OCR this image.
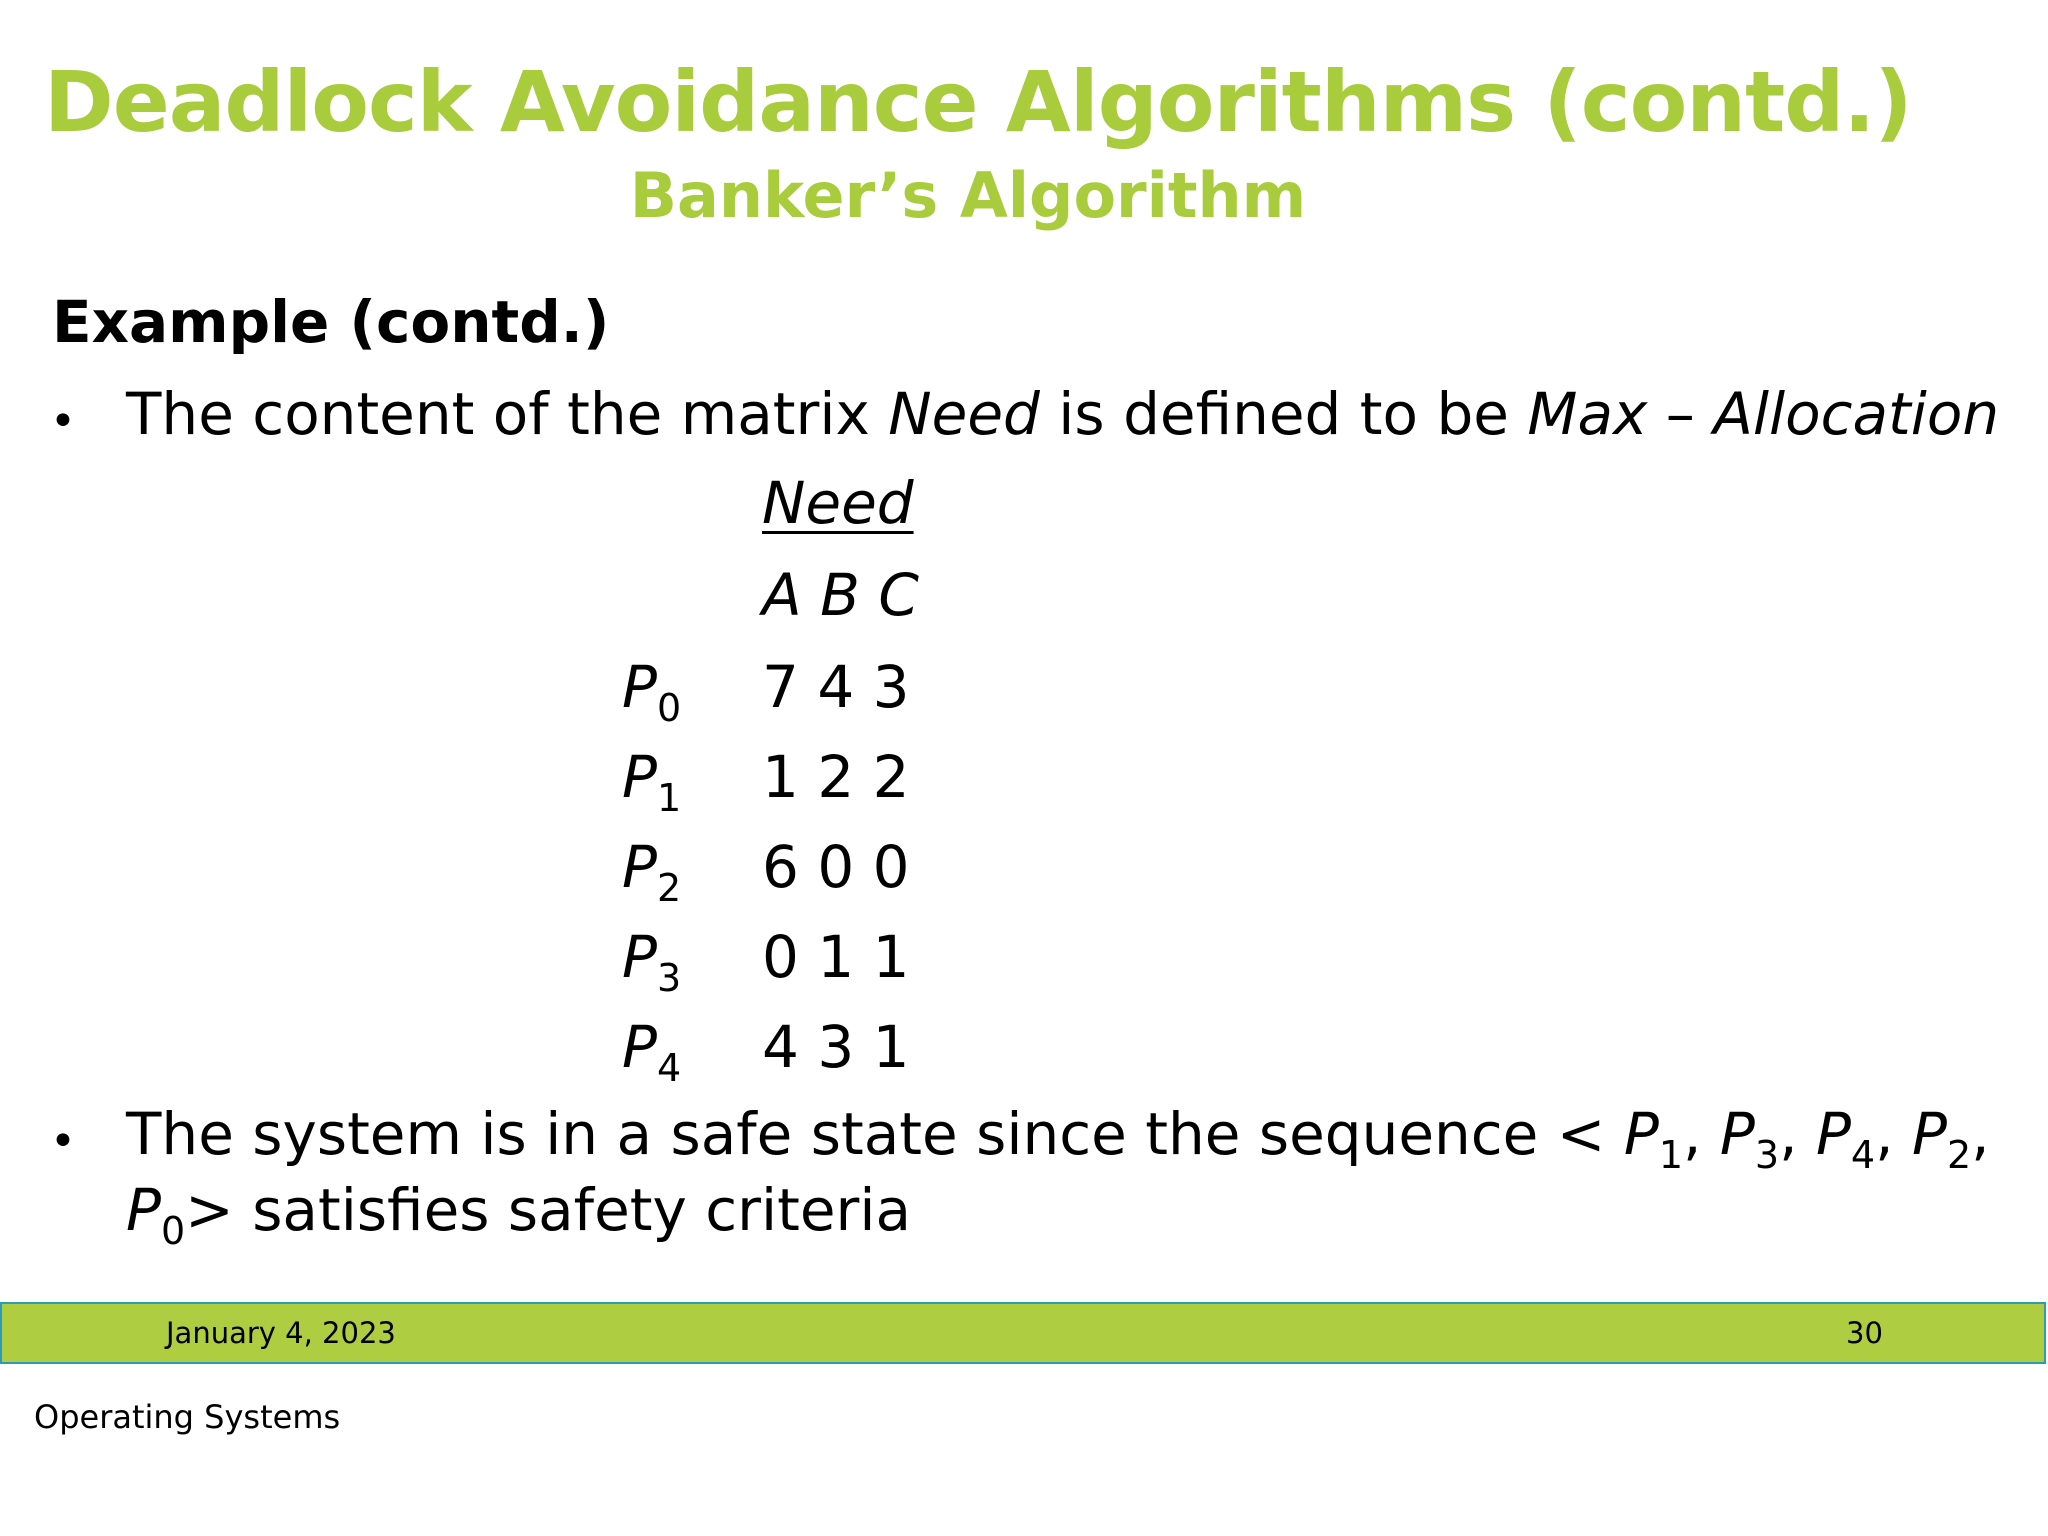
Deadlock Avoidance Algorithms (contd.)
Banker’s Algorithm
Example (contd.)
• The content of the matrix Need is defined to be Max – Allocation
Need
A B C
$P_0$ 7 4 3
$P_1$ 1 2 2
$P_2$ 6 0 0
$P_3$ 0 1 1
$P_4$ 4 3 1
• The system is in a safe state since the sequence < $P_1$, $P_3$, $P_4$, $P_2$,
$P_0>$ satisfies safety criteria
January 4, 2023	30
Operating Systems
